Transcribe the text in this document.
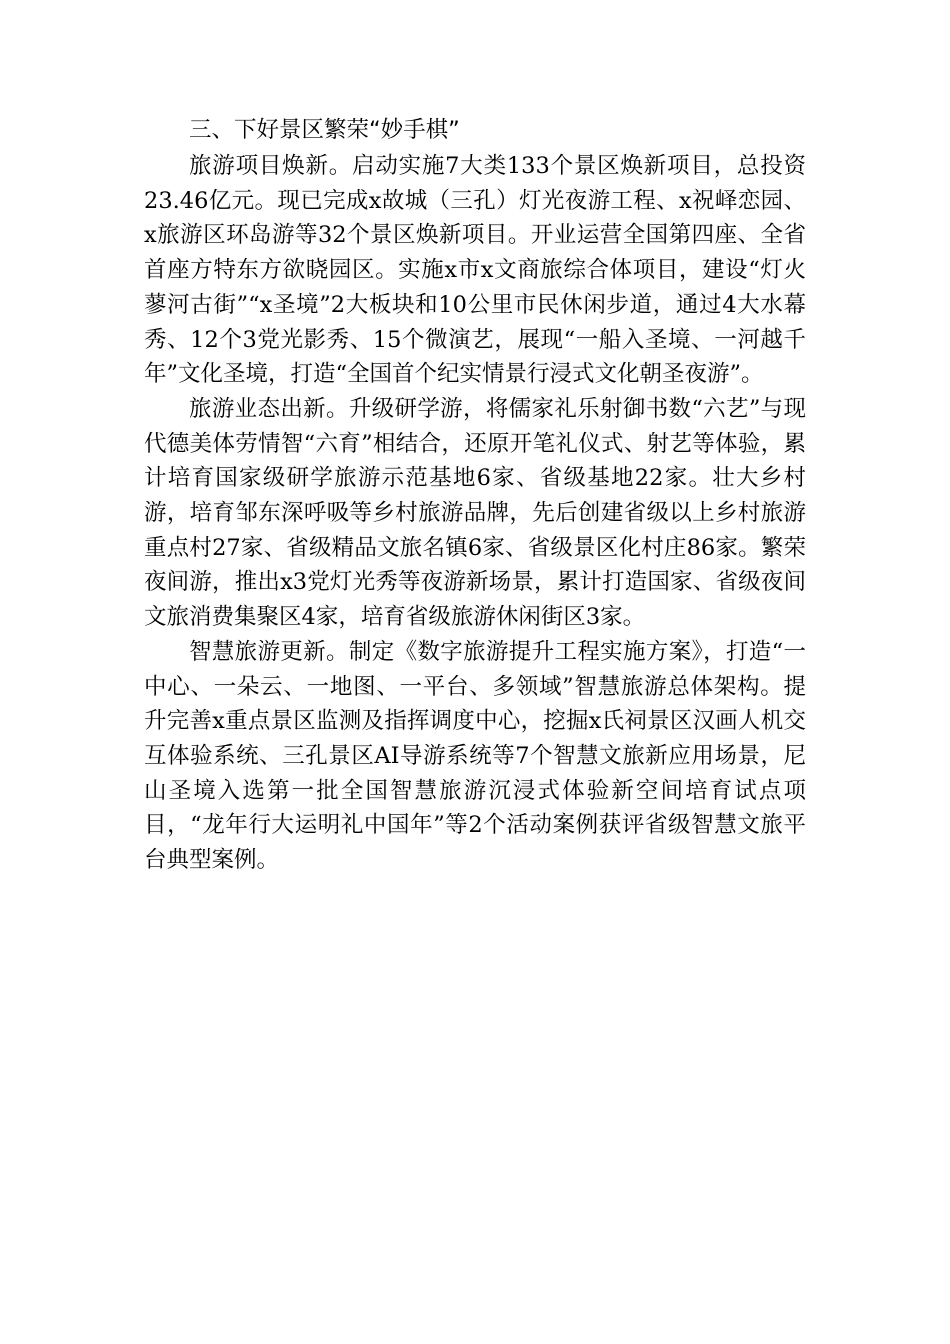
三、下好景区繁荣“妙手棋”

旅游项目焕新。启动实施7大类133个景区焕新项目，总投资23.46亿元。现已完成x故城（三孔）灯光夜游工程、x祝峄恋园、x旅游区环岛游等32个景区焕新项目。开业运营全国第四座、全省首座方特东方欲晓园区。实施x市x文商旅综合体项目，建设“灯火蓼河古街”“x圣境”2大板块和10公里市民休闲步道，通过4大水幕秀、12个3党光影秀、15个微演艺，展现“一船入圣境、一河越千年”文化圣境，打造“全国首个纪实情景行浸式文化朝圣夜游”。

旅游业态出新。升级研学游，将儒家礼乐射御书数“六艺”与现代德美体劳情智“六育”相结合，还原开笔礼仪式、射艺等体验，累计培育国家级研学旅游示范基地6家、省级基地22家。壮大乡村游，培育邹东深呼吸等乡村旅游品牌，先后创建省级以上乡村旅游重点村27家、省级精品文旅名镇6家、省级景区化村庄86家。繁荣夜间游，推出x3党灯光秀等夜游新场景，累计打造国家、省级夜间文旅消费集聚区4家，培育省级旅游休闲街区3家。

智慧旅游更新。制定《数字旅游提升工程实施方案》，打造“一中心、一朵云、一地图、一平台、多领域”智慧旅游总体架构。提升完善x重点景区监测及指挥调度中心，挖掘x氏祠景区汉画人机交互体验系统、三孔景区AI导游系统等7个智慧文旅新应用场景，尼山圣境入选第一批全国智慧旅游沉浸式体验新空间培育试点项目，“龙年行大运明礼中国年”等2个活动案例获评省级智慧文旅平台典型案例。
